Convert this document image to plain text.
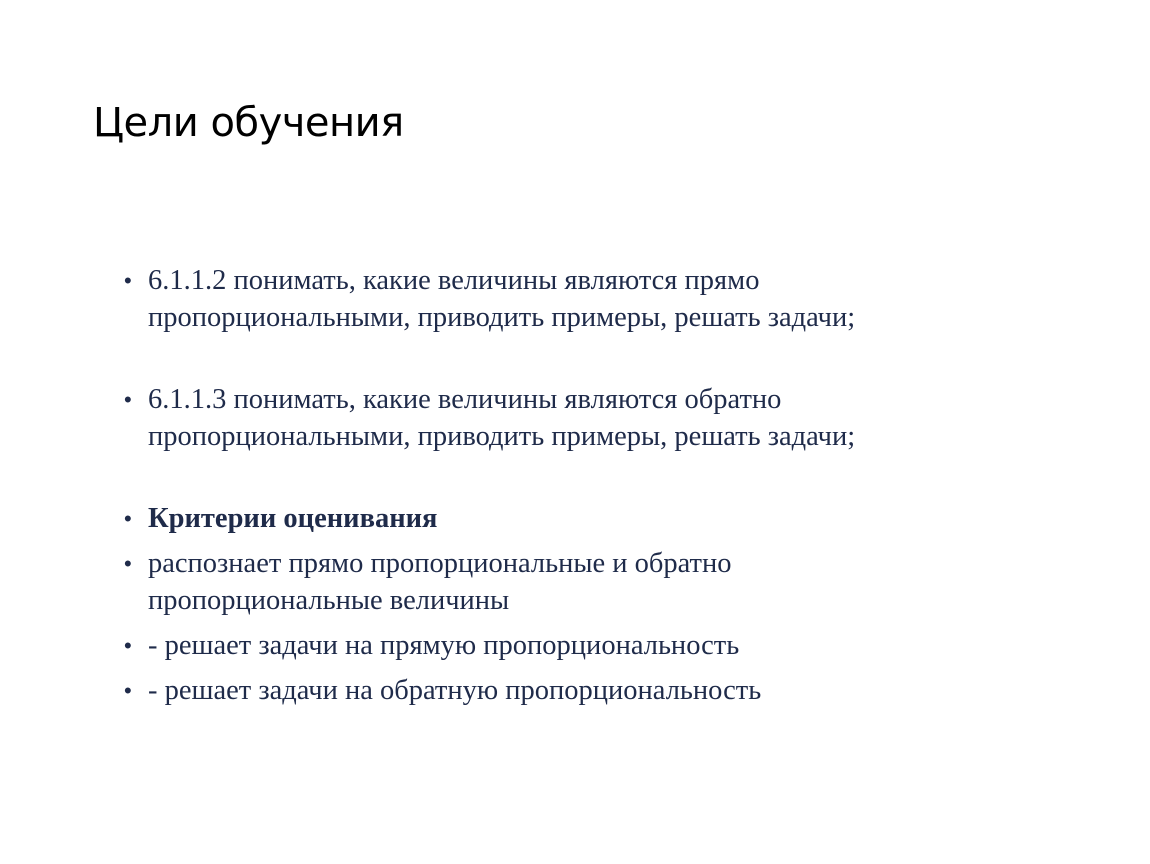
Цели обучения
• 6.1.1.2 понимать, какие величины являются прямо пропорциональными, приводить примеры, решать задачи;
• 6.1.1.3 понимать, какие величины являются обратно пропорциональными, приводить примеры, решать задачи;
• Критерии оценивания
• распознает прямо пропорциональные и обратно пропорциональные величины
• - решает задачи на прямую пропорциональность
• - решает задачи на обратную пропорциональность
